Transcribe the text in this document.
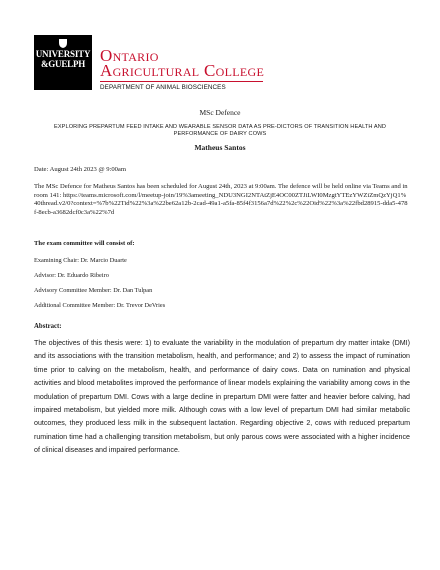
UNIVERSITY
&GUELPH Ontario
Agricultural College
DEPARTMENT OF ANIMAL BIOSCIENCES
MSc Defence
EXPLORING PREPARTUM FEED INTAKE AND WEARABLE SENSOR DATA AS PRE-DICTORS OF TRANSITION HEALTH AND PERFORMANCE OF DAIRY COWS
Matheus Santos
Date: August 24th 2023 @ 9:00am
The MSc Defence for Matheus Santos has been scheduled for August 24th, 2023 at 9:00am. The defence will be held online via Teams and in room 141: https://teams.microsoft.com/l/meetup-join/19%3ameeting_NDU3NGI2NTAtZjE4OC00ZTJiLWI0MzgtYTEzYWZiZmQzYjQ1%40thread.v2/0?context=%7b%22Tid%22%3a%22be62a12b-2cad-49a1-a5fa-85f4f3156a7d%22%2c%22Oid%22%3a%22fbd28915-dda5-478f-8ecb-a3682dcf0c3a%22%7d
The exam committee will consist of:
Examining Chair: Dr. Marcio Duarte
Advisor: Dr. Eduardo Ribeiro
Advisory Committee Member: Dr. Dan Tulpan
Additional Committee Member: Dr. Trevor DeVries
Abstract:
The objectives of this thesis were: 1) to evaluate the variability in the modulation of prepartum dry matter intake (DMI) and its associations with the transition metabolism, health, and performance; and 2) to assess the impact of rumination time prior to calving on the metabolism, health, and performance of dairy cows. Data on rumination and physical activities and blood metabolites improved the performance of linear models explaining the variability among cows in the modulation of prepartum DMI. Cows with a large decline in prepartum DMI were fatter and heavier before calving, had impaired metabolism, but yielded more milk. Although cows with a low level of prepartum DMI had similar metabolic outcomes, they produced less milk in the subsequent lactation. Regarding objective 2, cows with reduced prepartum rumination time had a challenging transition metabolism, but only parous cows were associated with a higher incidence of clinical diseases and impaired performance.
